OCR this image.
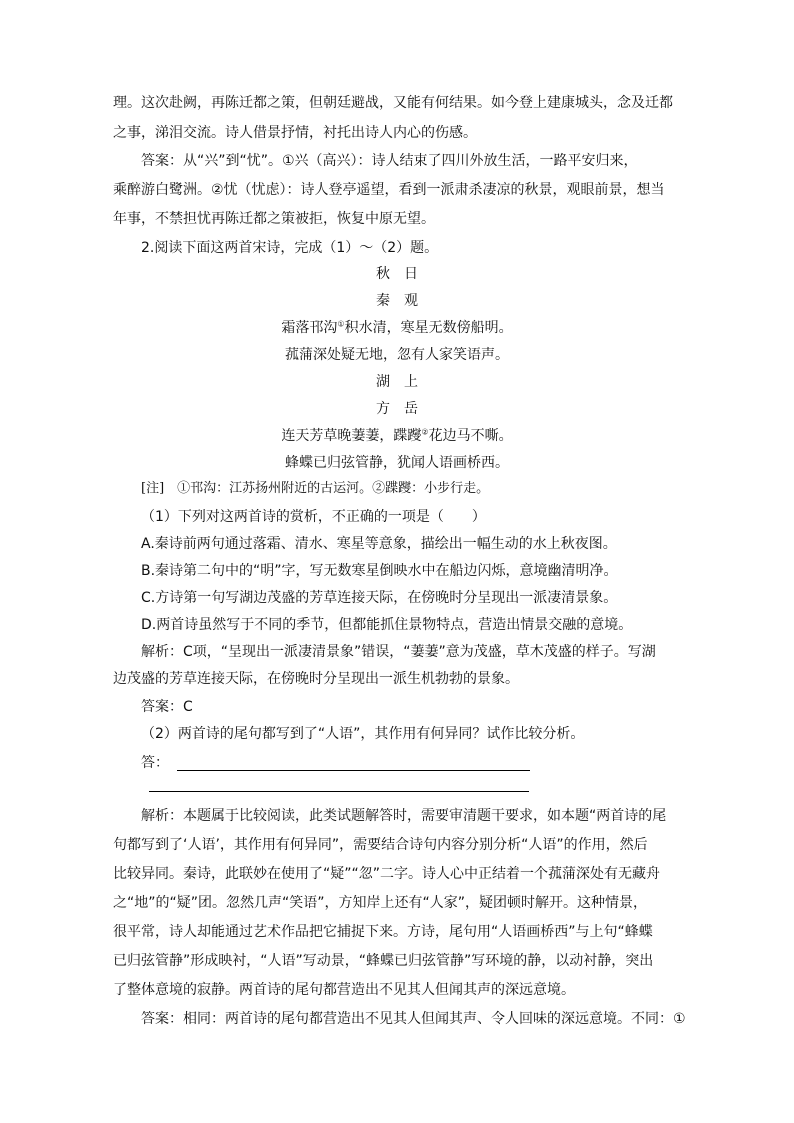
理。这次赴阙，再陈迁都之策，但朝廷避战，又能有何结果。如今登上建康城头，念及迁都
之事，涕泪交流。诗人借景抒情，衬托出诗人内心的伤感。
答案：从“兴”到“忧”。①兴（高兴）：诗人结束了四川外放生活，一路平安归来，
乘醉游白鹭洲。②忧（忧虑）：诗人登亭遥望，看到一派肃杀凄凉的秋景，观眼前景，想当
年事，不禁担忧再陈迁都之策被拒，恢复中原无望。
2.阅读下面这两首宋诗，完成（1）～（2）题。
秋　日
秦　观
霜落邗沟①积水清，寒星无数傍船明。
菰蒲深处疑无地，忽有人家笑语声。
湖　上
方　岳
连天芳草晚萋萋，蹀躞②花边马不嘶。
蜂蝶已归弦管静，犹闻人语画桥西。
[注]　①邗沟：江苏扬州附近的古运河。②蹀躞：小步行走。
（1）下列对这两首诗的赏析，不正确的一项是（　　）
A.秦诗前两句通过落霜、清水、寒星等意象，描绘出一幅生动的水上秋夜图。
B.秦诗第二句中的“明”字，写无数寒星倒映水中在船边闪烁，意境幽清明净。
C.方诗第一句写湖边茂盛的芳草连接天际，在傍晚时分呈现出一派凄清景象。
D.两首诗虽然写于不同的季节，但都能抓住景物特点，营造出情景交融的意境。
解析：C项，“呈现出一派凄清景象”错误，“萋萋”意为茂盛，草木茂盛的样子。写湖
边茂盛的芳草连接天际，在傍晚时分呈现出一派生机勃勃的景象。
答案：C
（2）两首诗的尾句都写到了“人语”，其作用有何异同？试作比较分析。
答：
解析：本题属于比较阅读，此类试题解答时，需要审清题干要求，如本题“两首诗的尾
句都写到了‘人语’，其作用有何异同”，需要结合诗句内容分别分析“人语”的作用，然后
比较异同。秦诗，此联妙在使用了“疑”“忽”二字。诗人心中正结着一个菰蒲深处有无藏舟
之“地”的“疑”团。忽然几声“笑语”，方知岸上还有“人家”，疑团顿时解开。这种情景，
很平常，诗人却能通过艺术作品把它捕捉下来。方诗，尾句用“人语画桥西”与上句“蜂蝶
已归弦管静”形成映衬，“人语”写动景，“蜂蝶已归弦管静”写环境的静，以动衬静，突出
了整体意境的寂静。两首诗的尾句都营造出不见其人但闻其声的深远意境。
答案：相同：两首诗的尾句都营造出不见其人但闻其声、令人回味的深远意境。不同：①
